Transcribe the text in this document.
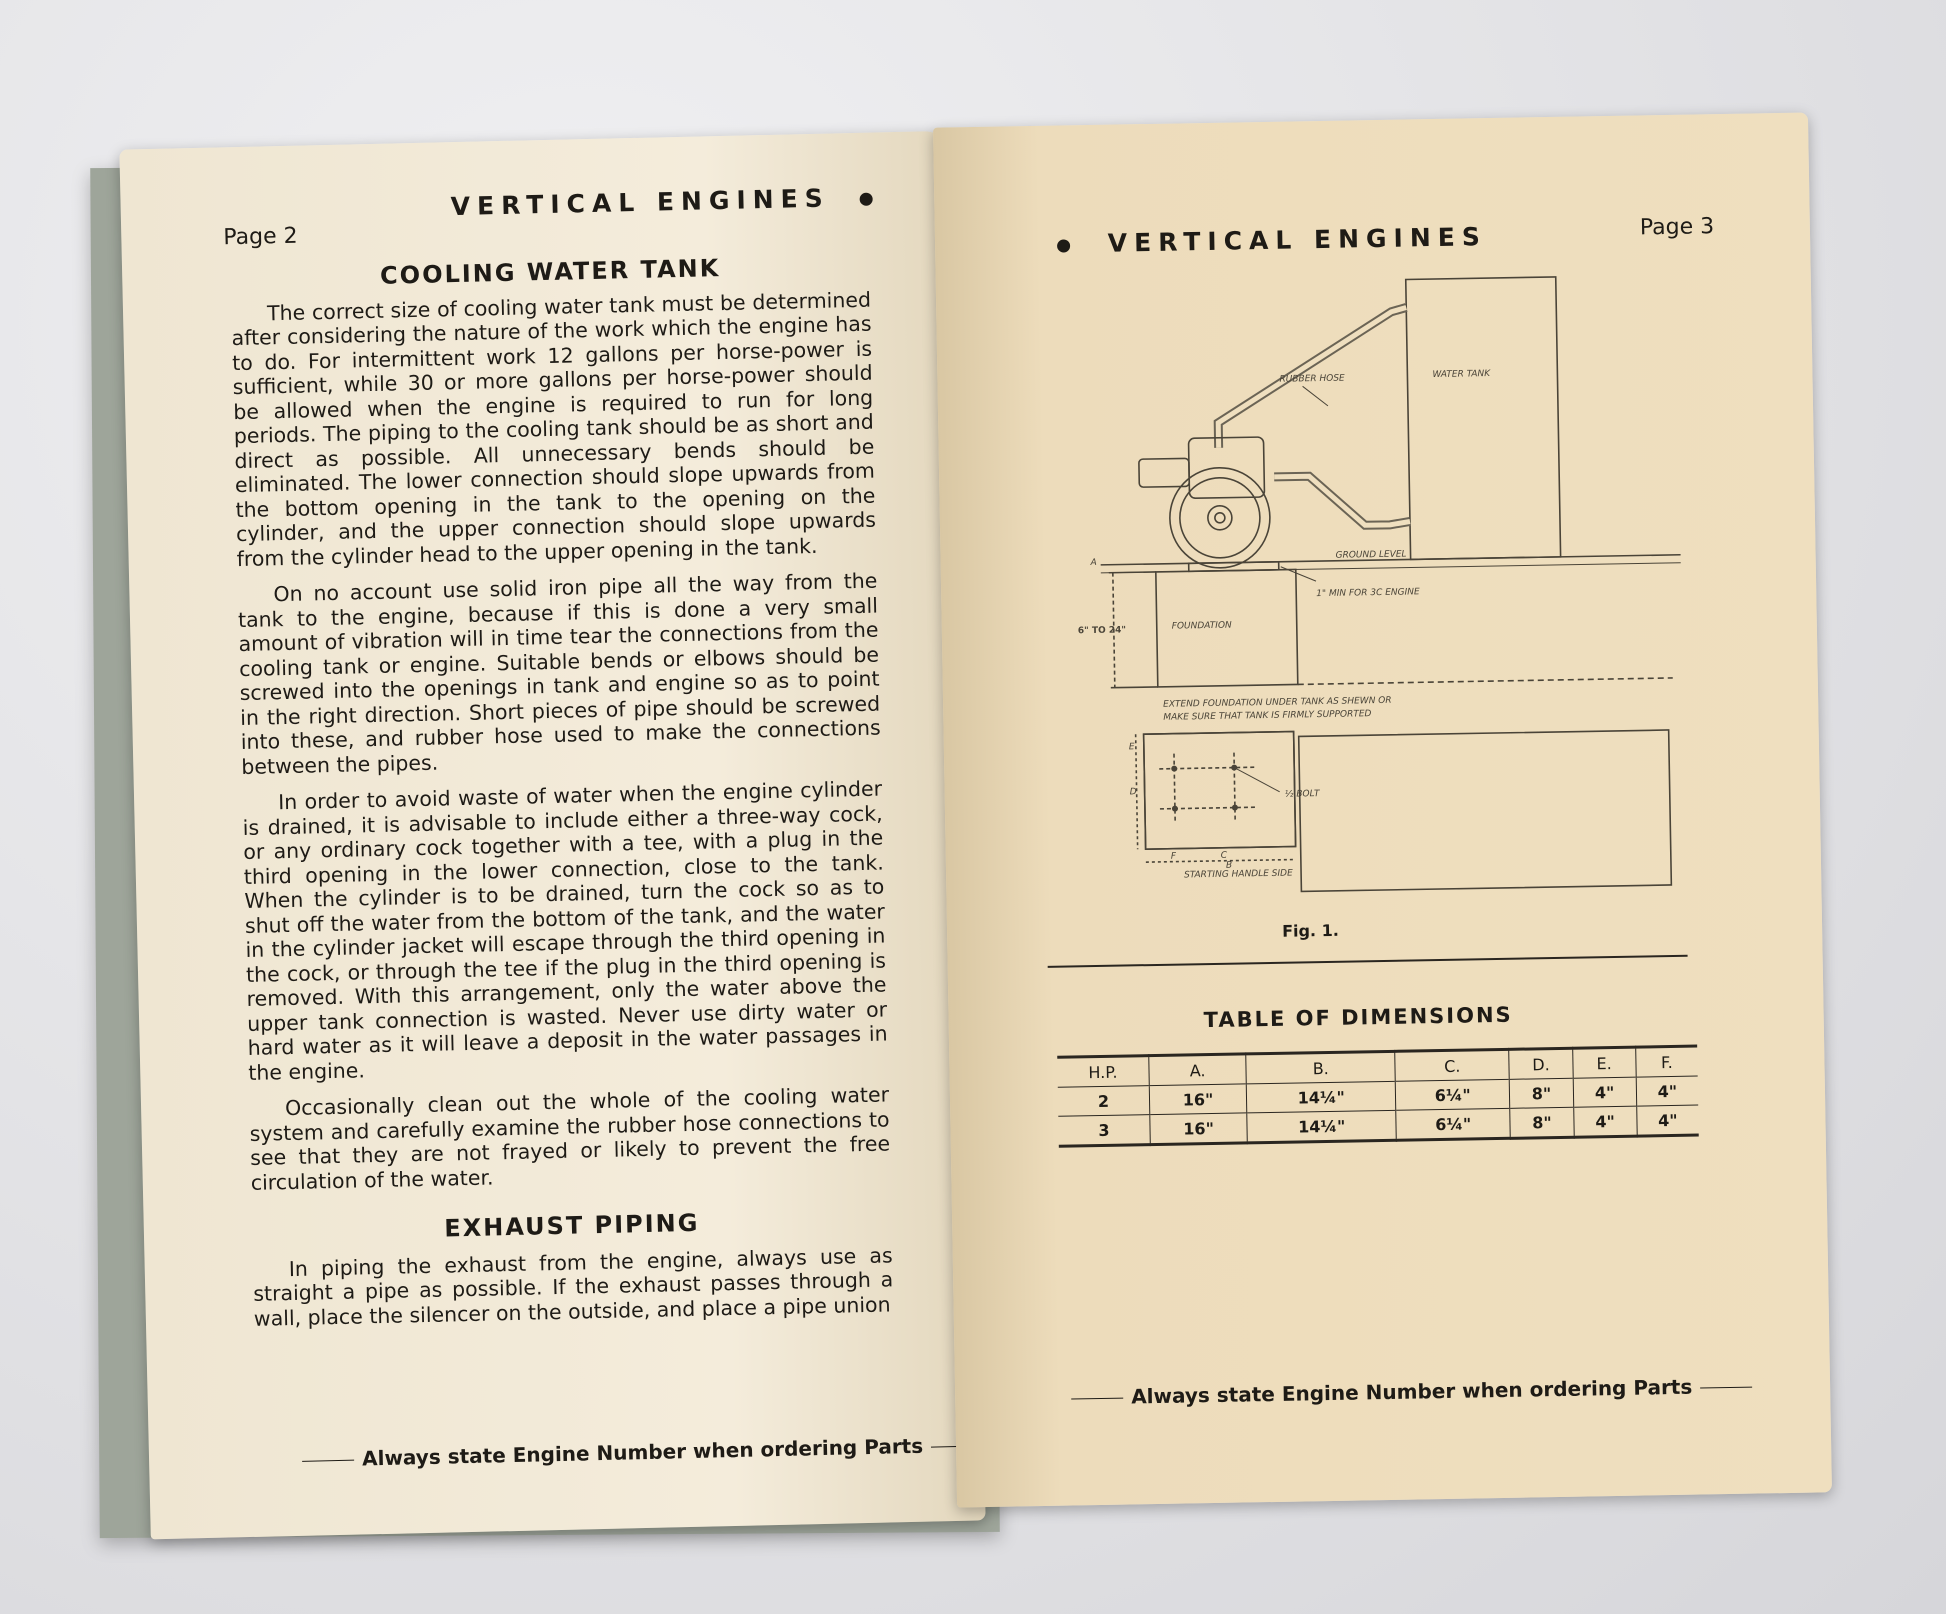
Page 2
VERTICAL ENGINES
COOLING WATER TANK

The correct size of cooling water tank must be determined after considering the nature of the work which the engine has to do. For intermittent work 12 gallons per horse-power is sufficient, while 30 or more gallons per horse-power should be allowed when the engine is required to run for long periods. The piping to the cooling tank should be as short and direct as possible. All unnecessary bends should be eliminated. The lower connection should slope upwards from the bottom opening in the tank to the opening on the cylinder, and the upper connection should slope upwards from the cylinder head to the upper opening in the tank.

On no account use solid iron pipe all the way from the tank to the engine, because if this is done a very small amount of vibration will in time tear the connections from the cooling tank or engine. Suitable bends or elbows should be screwed into the openings in tank and engine so as to point in the right direction. Short pieces of pipe should be screwed into these, and rubber hose used to make the connections between the pipes.

In order to avoid waste of water when the engine cylinder is drained, it is advisable to include either a three-way cock, or any ordinary cock together with a tee, with a plug in the third opening in the lower connection, close to the tank. When the cylinder is to be drained, turn the cock so as to shut off the water from the bottom of the tank, and the water in the cylinder jacket will escape through the third opening in the cock, or through the tee if the plug in the third opening is removed. With this arrangement, only the water above the upper tank connection is wasted. Never use dirty water or hard water as it will leave a deposit in the water passages in the engine.

Occasionally clean out the whole of the cooling water system and carefully examine the rubber hose connections to see that they are not frayed or likely to prevent the free circulation of the water.

EXHAUST PIPING

In piping the exhaust from the engine, always use as straight a pipe as possible. If the exhaust passes through a wall, place the silencer on the outside, and place a pipe union

Always state Engine Number when ordering Parts
VERTICAL ENGINES	Page 3
RUBBER HOSE	WATER TANK
GROUND LEVEL
1" MIN FOR 3C ENGINE
6" TO 24"	FOUNDATION
EXTEND FOUNDATION UNDER TANK AS SHEWN OR
MAKE SURE THAT TANK IS FIRMLY SUPPORTED
½ BOLT
STARTING HANDLE SIDE
E
D
F	C
B
A
Fig. 1.
TABLE OF DIMENSIONS
H.P.	A.	B.	C.	D.	E.	F.
2	16"	14¼"	6¼"	8"	4"	4"
3	16"	14¼"	6¼"	8"	4"	4"
Always state Engine Number when ordering Parts
